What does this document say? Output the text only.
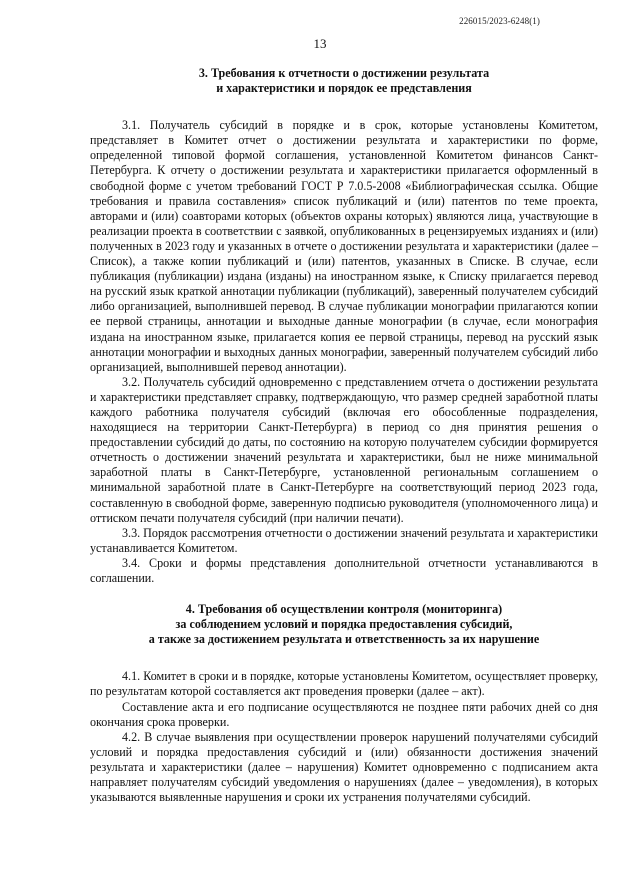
226015/2023-6248(1)
13
3. Требования к отчетности о достижении результата
и характеристики и порядок ее представления

3.1. Получатель субсидий в порядке и в срок, которые установлены Комитетом, представляет в Комитет отчет о достижении результата и характеристики по форме, определенной типовой формой соглашения, установленной Комитетом финансов Санкт-Петербурга. К отчету о достижении результата и характеристики прилагается оформленный в свободной форме с учетом требований ГОСТ Р 7.0.5-2008 «Библиографическая ссылка. Общие требования и правила составления» список публикаций и (или) патентов по теме проекта, авторами и (или) соавторами которых (объектов охраны которых) являются лица, участвующие в реализации проекта в соответствии с заявкой, опубликованных в рецензируемых изданиях и (или) полученных в 2023 году и указанных в отчете о достижении результата и характеристики (далее – Список), а также копии публикаций и (или) патентов, указанных в Списке. В случае, если публикация (публикации) издана (изданы) на иностранном языке, к Списку прилагается перевод на русский язык краткой аннотации публикации (публикаций), заверенный получателем субсидий либо организацией, выполнившей перевод. В случае публикации монографии прилагаются копии ее первой страницы, аннотации и выходные данные монографии (в случае, если монография издана на иностранном языке, прилагается копия ее первой страницы, перевод на русский язык аннотации монографии и выходных данных монографии, заверенный получателем субсидий либо организацией, выполнившей перевод аннотации).

3.2. Получатель субсидий одновременно с представлением отчета о достижении результата и характеристики представляет справку, подтверждающую, что размер средней заработной платы каждого работника получателя субсидий (включая его обособленные подразделения, находящиеся на территории Санкт-Петербурга) в период со дня принятия решения о предоставлении субсидий до даты, по состоянию на которую получателем субсидии формируется отчетность о достижении значений результата и характеристики, был не ниже минимальной заработной платы в Санкт-Петербурге, установленной региональным соглашением о минимальной заработной плате в Санкт-Петербурге на соответствующий период 2023 года, составленную в свободной форме, заверенную подписью руководителя (уполномоченного лица) и оттиском печати получателя субсидий (при наличии печати).

3.3. Порядок рассмотрения отчетности о достижении значений результата и характеристики устанавливается Комитетом.

3.4. Сроки и формы представления дополнительной отчетности устанавливаются в соглашении.

4. Требования об осуществлении контроля (мониторинга)
за соблюдением условий и порядка предоставления субсидий,
а также за достижением результата и ответственность за их нарушение

4.1. Комитет в сроки и в порядке, которые установлены Комитетом, осуществляет проверку, по результатам которой составляется акт проведения проверки (далее – акт).

Составление акта и его подписание осуществляются не позднее пяти рабочих дней со дня окончания срока проверки.

4.2. В случае выявления при осуществлении проверок нарушений получателями субсидий условий и порядка предоставления субсидий и (или) обязанности достижения значений результата и характеристики (далее – нарушения) Комитет одновременно с подписанием акта направляет получателям субсидий уведомления о нарушениях (далее – уведомления), в которых указываются выявленные нарушения и сроки их устранения получателями субсидий.
